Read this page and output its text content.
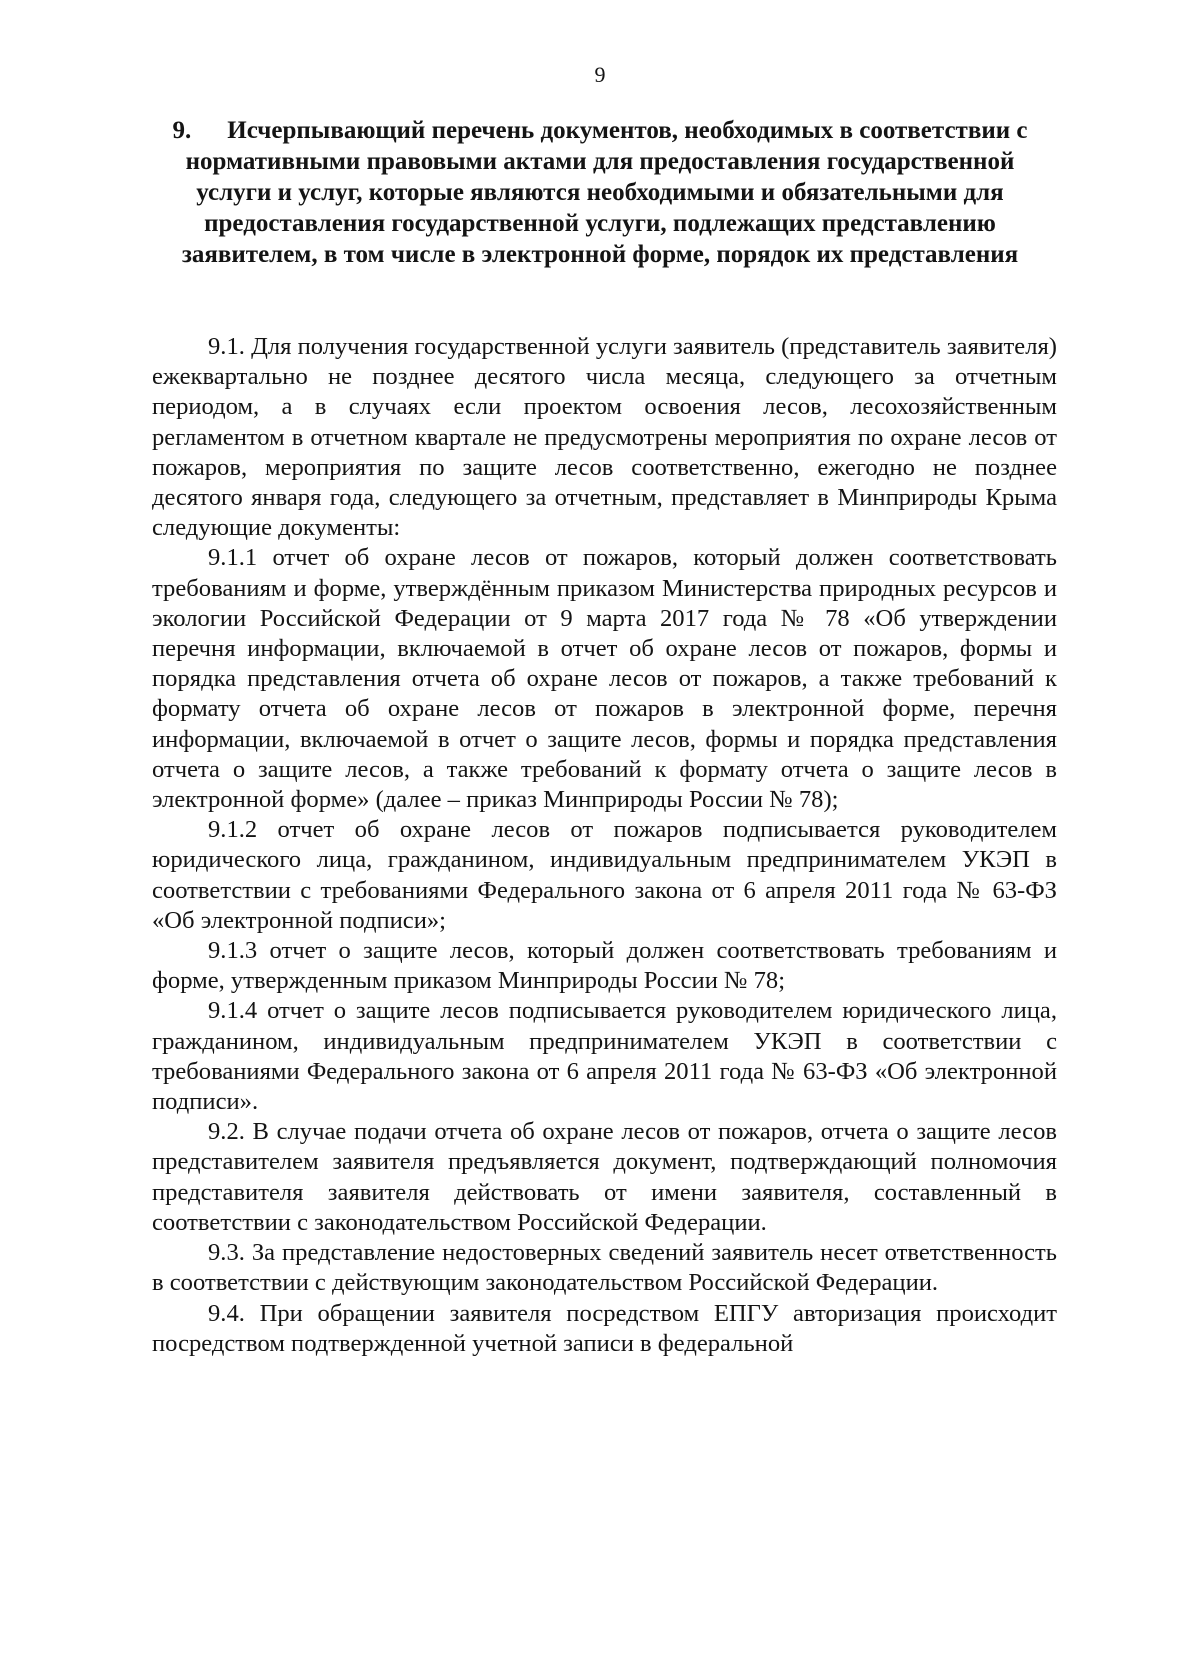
9
9. Исчерпывающий перечень документов, необходимых в соответствии с нормативными правовыми актами для предоставления государственной услуги и услуг, которые являются необходимыми и обязательными для предоставления государственной услуги, подлежащих представлению заявителем, в том числе в электронной форме, порядок их представления

9.1. Для получения государственной услуги заявитель (представитель заявителя) ежеквартально не позднее десятого числа месяца, следующего за отчетным периодом, а в случаях если проектом освоения лесов, лесохозяйственным регламентом в отчетном квартале не предусмотрены мероприятия по охране лесов от пожаров, мероприятия по защите лесов соответственно, ежегодно не позднее десятого января года, следующего за отчетным, представляет в Минприроды Крыма следующие документы:

9.1.1 отчет об охране лесов от пожаров, который должен соответствовать требованиям и форме, утверждённым приказом Министерства природных ресурсов и экологии Российской Федерации от 9 марта 2017 года № 78 «Об утверждении перечня информации, включаемой в отчет об охране лесов от пожаров, формы и порядка представления отчета об охране лесов от пожаров, а также требований к формату отчета об охране лесов от пожаров в электронной форме, перечня информации, включаемой в отчет о защите лесов, формы и порядка представления отчета о защите лесов, а также требований к формату отчета о защите лесов в электронной форме» (далее – приказ Минприроды России № 78);

9.1.2 отчет об охране лесов от пожаров подписывается руководителем юридического лица, гражданином, индивидуальным предпринимателем УКЭП в соответствии с требованиями Федерального закона от 6 апреля 2011 года № 63-ФЗ «Об электронной подписи»;

9.1.3 отчет о защите лесов, который должен соответствовать требованиям и форме, утвержденным приказом Минприроды России № 78;

9.1.4 отчет о защите лесов подписывается руководителем юридического лица, гражданином, индивидуальным предпринимателем УКЭП в соответствии с требованиями Федерального закона от 6 апреля 2011 года № 63-ФЗ «Об электронной подписи».

9.2. В случае подачи отчета об охране лесов от пожаров, отчета о защите лесов представителем заявителя предъявляется документ, подтверждающий полномочия представителя заявителя действовать от имени заявителя, составленный в соответствии с законодательством Российской Федерации.

9.3. За представление недостоверных сведений заявитель несет ответственность в соответствии с действующим законодательством Российской Федерации.

9.4. При обращении заявителя посредством ЕПГУ авторизация происходит посредством подтвержденной учетной записи в федеральной
